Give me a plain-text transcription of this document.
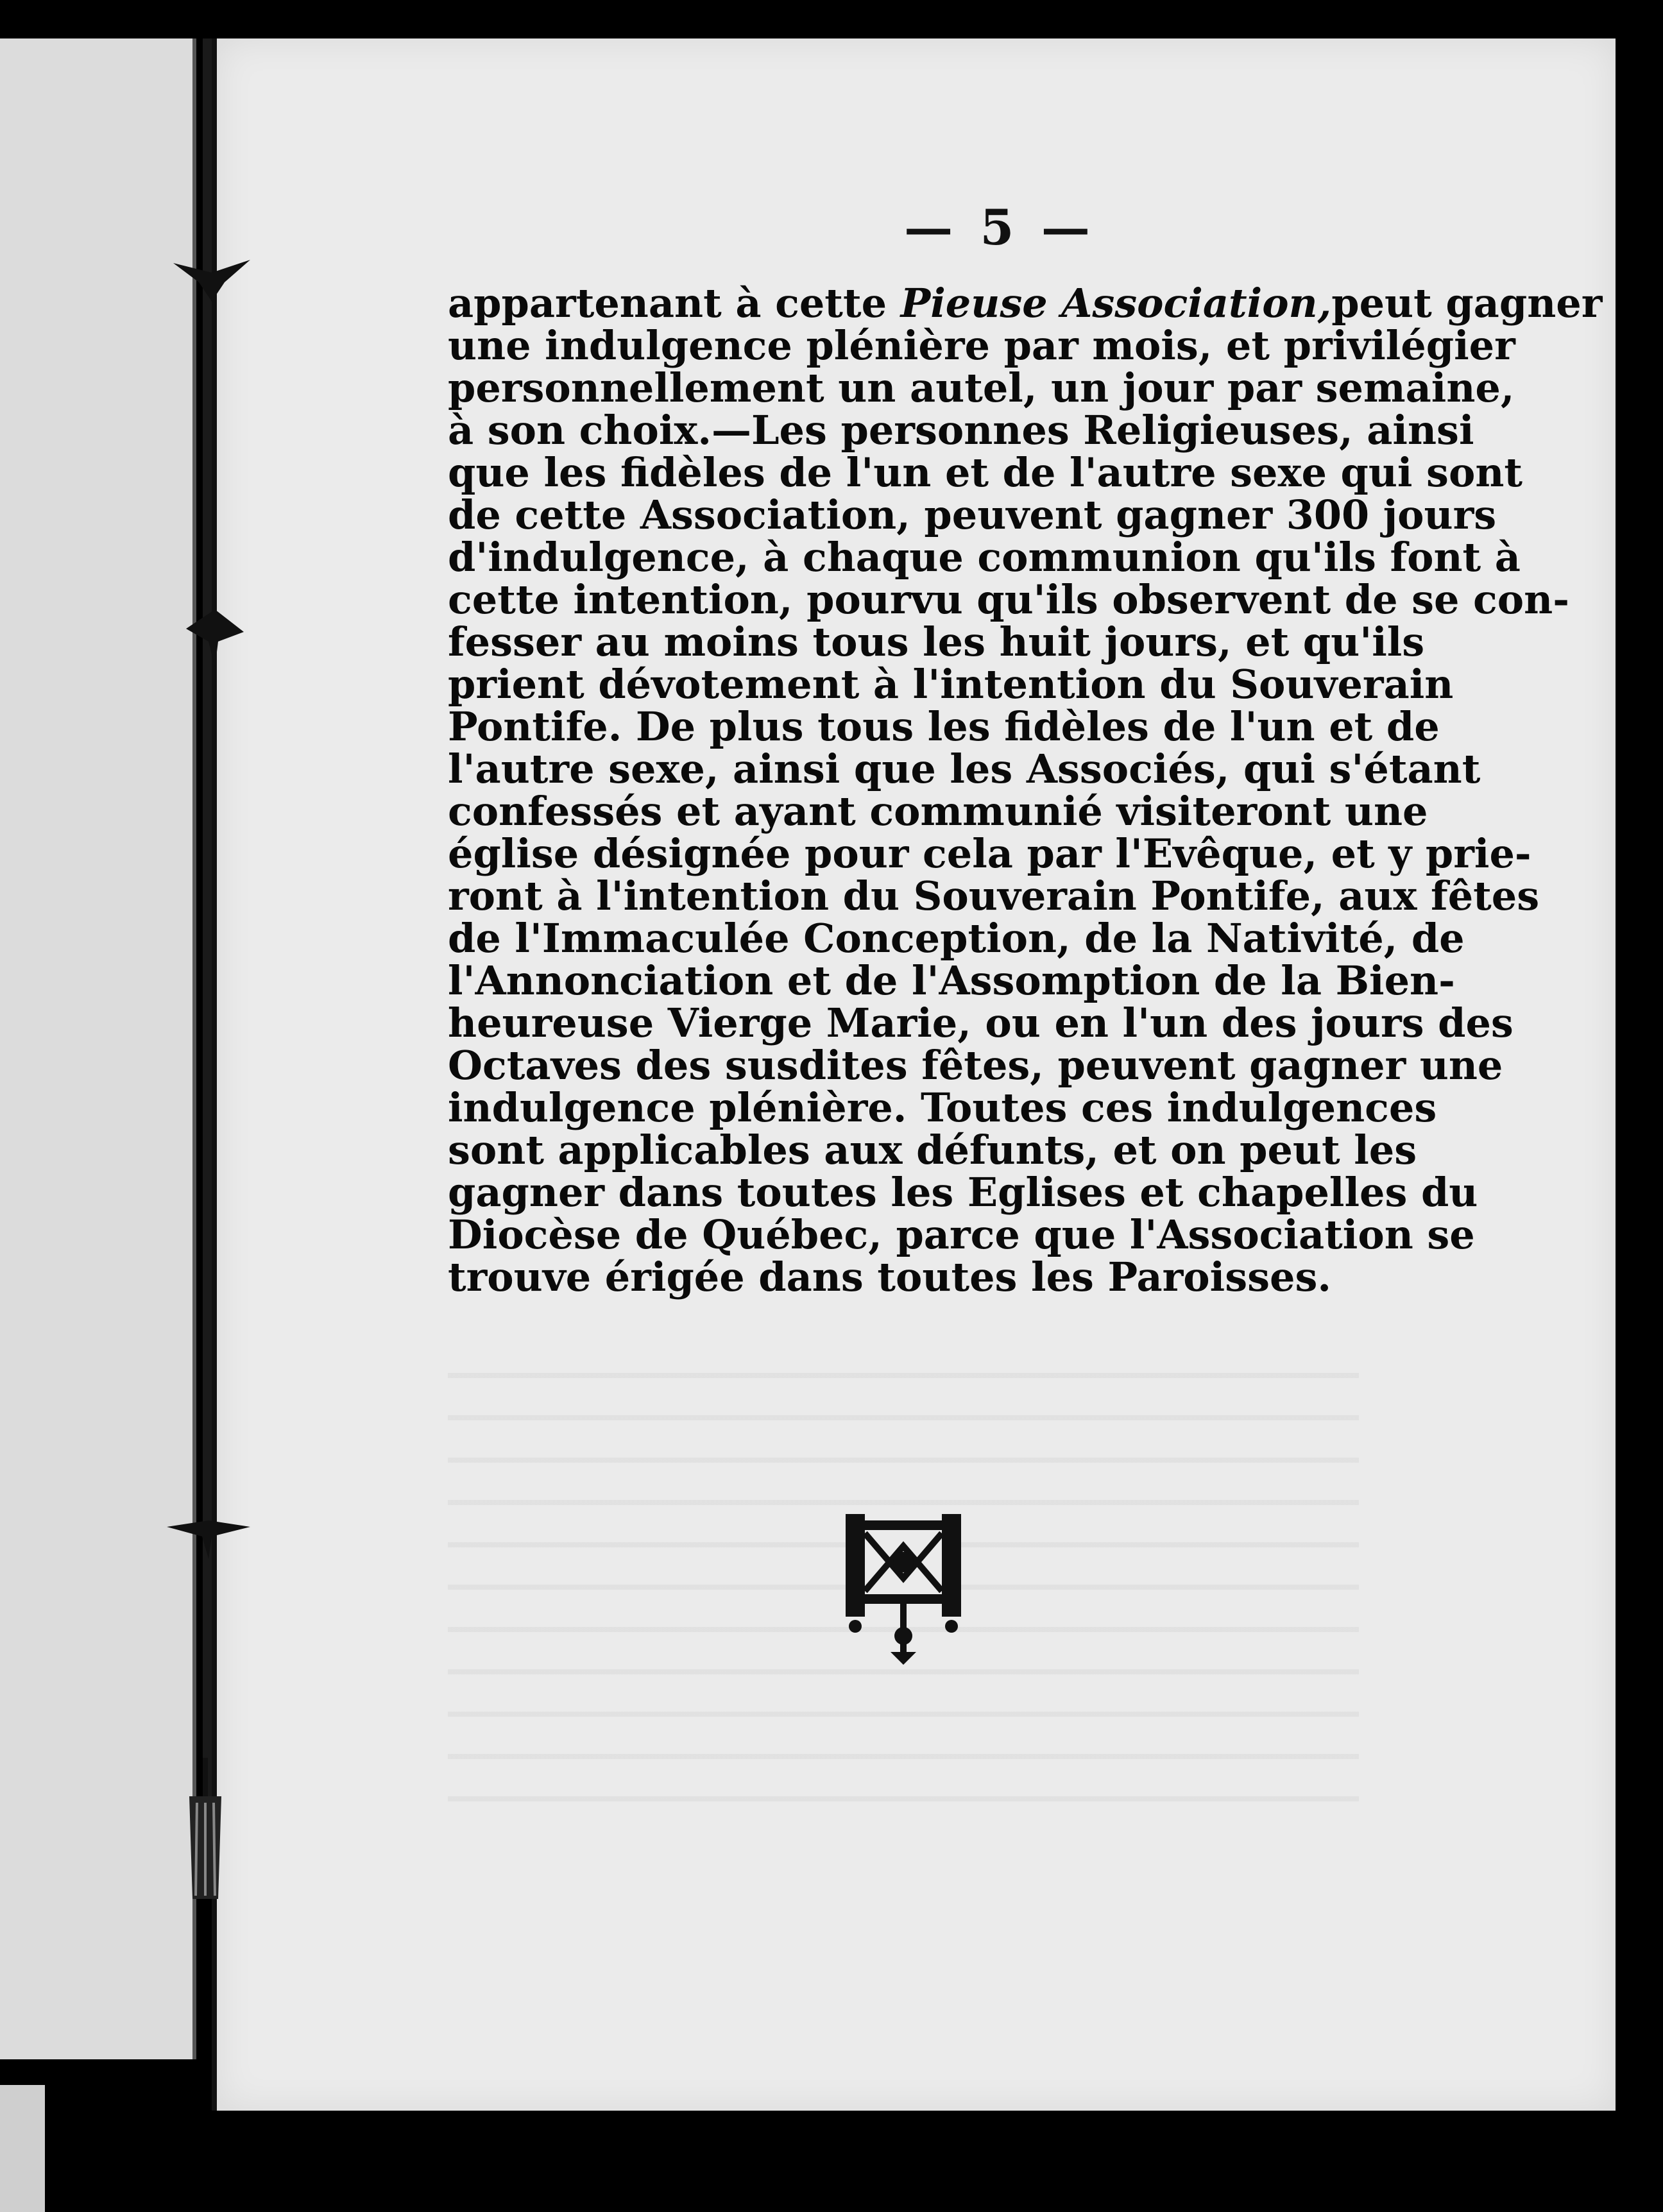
— 5 —
appartenant à cette Pieuse Association,peut gagner
une indulgence plénière par mois, et privilégier
personnellement un autel, un jour par semaine,
à son choix.—Les personnes Religieuses, ainsi
que les fidèles de l'un et de l'autre sexe qui sont
de cette Association, peuvent gagner 300 jours
d'indulgence, à chaque communion qu'ils font à
cette intention, pourvu qu'ils observent de se con-
fesser au moins tous les huit jours, et qu'ils
prient dévotement à l'intention du Souverain
Pontife. De plus tous les fidèles de l'un et de
l'autre sexe, ainsi que les Associés, qui s'étant
confessés et ayant communié visiteront une
église désignée pour cela par l'Evêque, et y prie-
ront à l'intention du Souverain Pontife, aux fêtes
de l'Immaculée Conception, de la Nativité, de
l'Annonciation et de l'Assomption de la Bien-
heureuse Vierge Marie, ou en l'un des jours des
Octaves des susdites fêtes, peuvent gagner une
indulgence plénière. Toutes ces indulgences
sont applicables aux défunts, et on peut les
gagner dans toutes les Eglises et chapelles du
Diocèse de Québec, parce que l'Association se
trouve érigée dans toutes les Paroisses.
